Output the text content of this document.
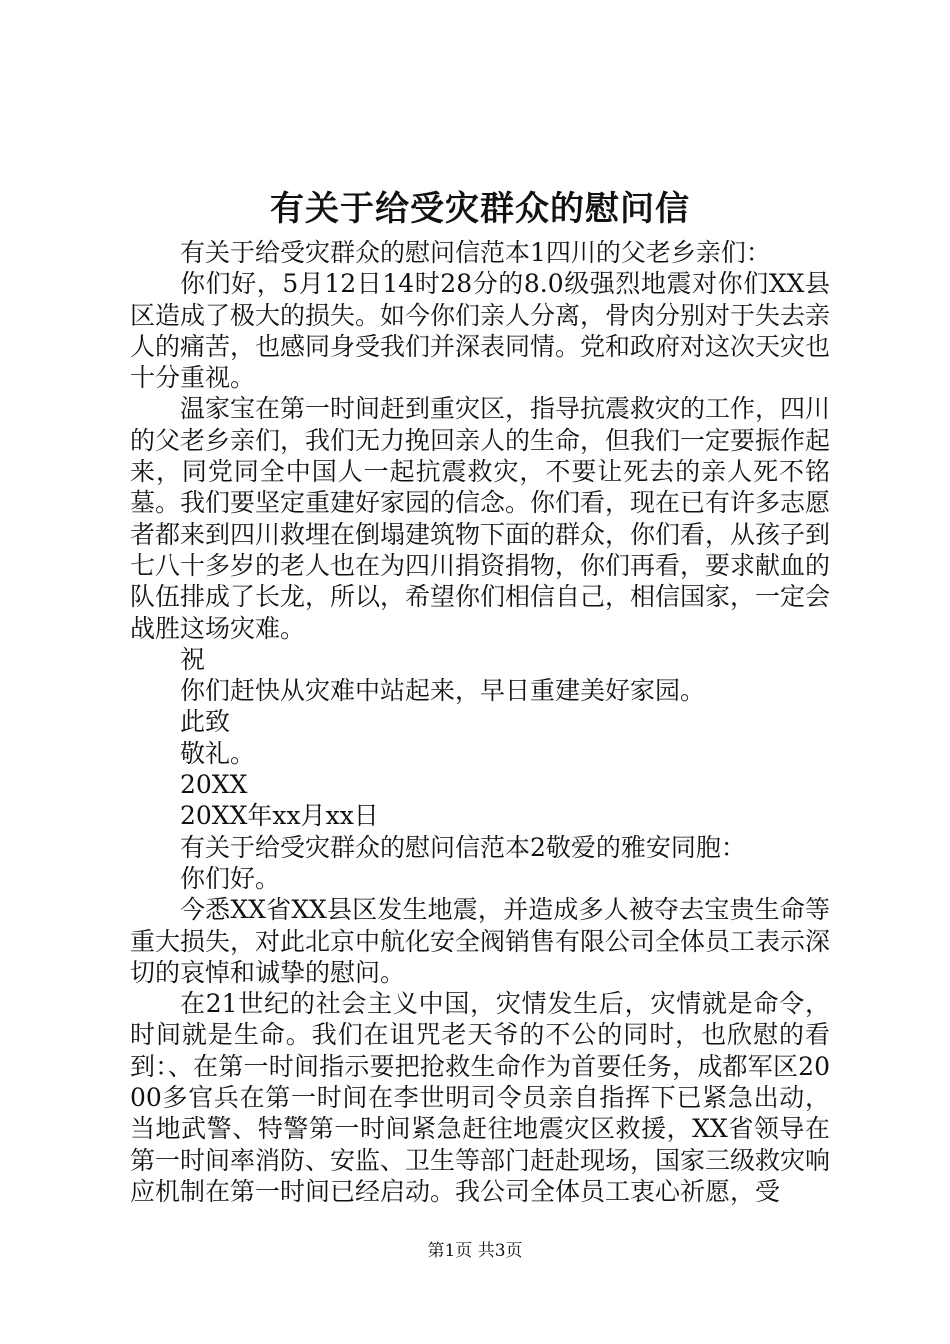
有关于给受灾群众的慰问信

有关于给受灾群众的慰问信范本1四川的父老乡亲们：

你们好，5月12日14时28分的8.0级强烈地震对你们XX县区造成了极大的损失。如今你们亲人分离，骨肉分别对于失去亲人的痛苦，也感同身受我们并深表同情。党和政府对这次天灾也十分重视。

温家宝在第一时间赶到重灾区，指导抗震救灾的工作，四川的父老乡亲们，我们无力挽回亲人的生命，但我们一定要振作起来，同党同全中国人一起抗震救灾，不要让死去的亲人死不铭墓。我们要坚定重建好家园的信念。你们看，现在已有许多志愿者都来到四川救埋在倒塌建筑物下面的群众，你们看，从孩子到七八十多岁的老人也在为四川捐资捐物，你们再看，要求献血的队伍排成了长龙，所以，希望你们相信自己，相信国家，一定会战胜这场灾难。

祝

你们赶快从灾难中站起来，早日重建美好家园。

此致

敬礼。

20XX

20XX年xx月xx日

有关于给受灾群众的慰问信范本2敬爱的雅安同胞：

你们好。

今悉XX省XX县区发生地震，并造成多人被夺去宝贵生命等重大损失，对此北京中航化安全阀销售有限公司全体员工表示深切的哀悼和诚挚的慰问。

在21世纪的社会主义中国，灾情发生后，灾情就是命令，时间就是生命。我们在诅咒老天爷的不公的同时，也欣慰的看到：、在第一时间指示要把抢救生命作为首要任务，成都军区2000多官兵在第一时间在李世明司令员亲自指挥下已紧急出动，当地武警、特警第一时间紧急赶往地震灾区救援，XX省领导在第一时间率消防、安监、卫生等部门赶赴现场，国家三级救灾响应机制在第一时间已经启动。我公司全体员工衷心祈愿，受

第1页 共3页
